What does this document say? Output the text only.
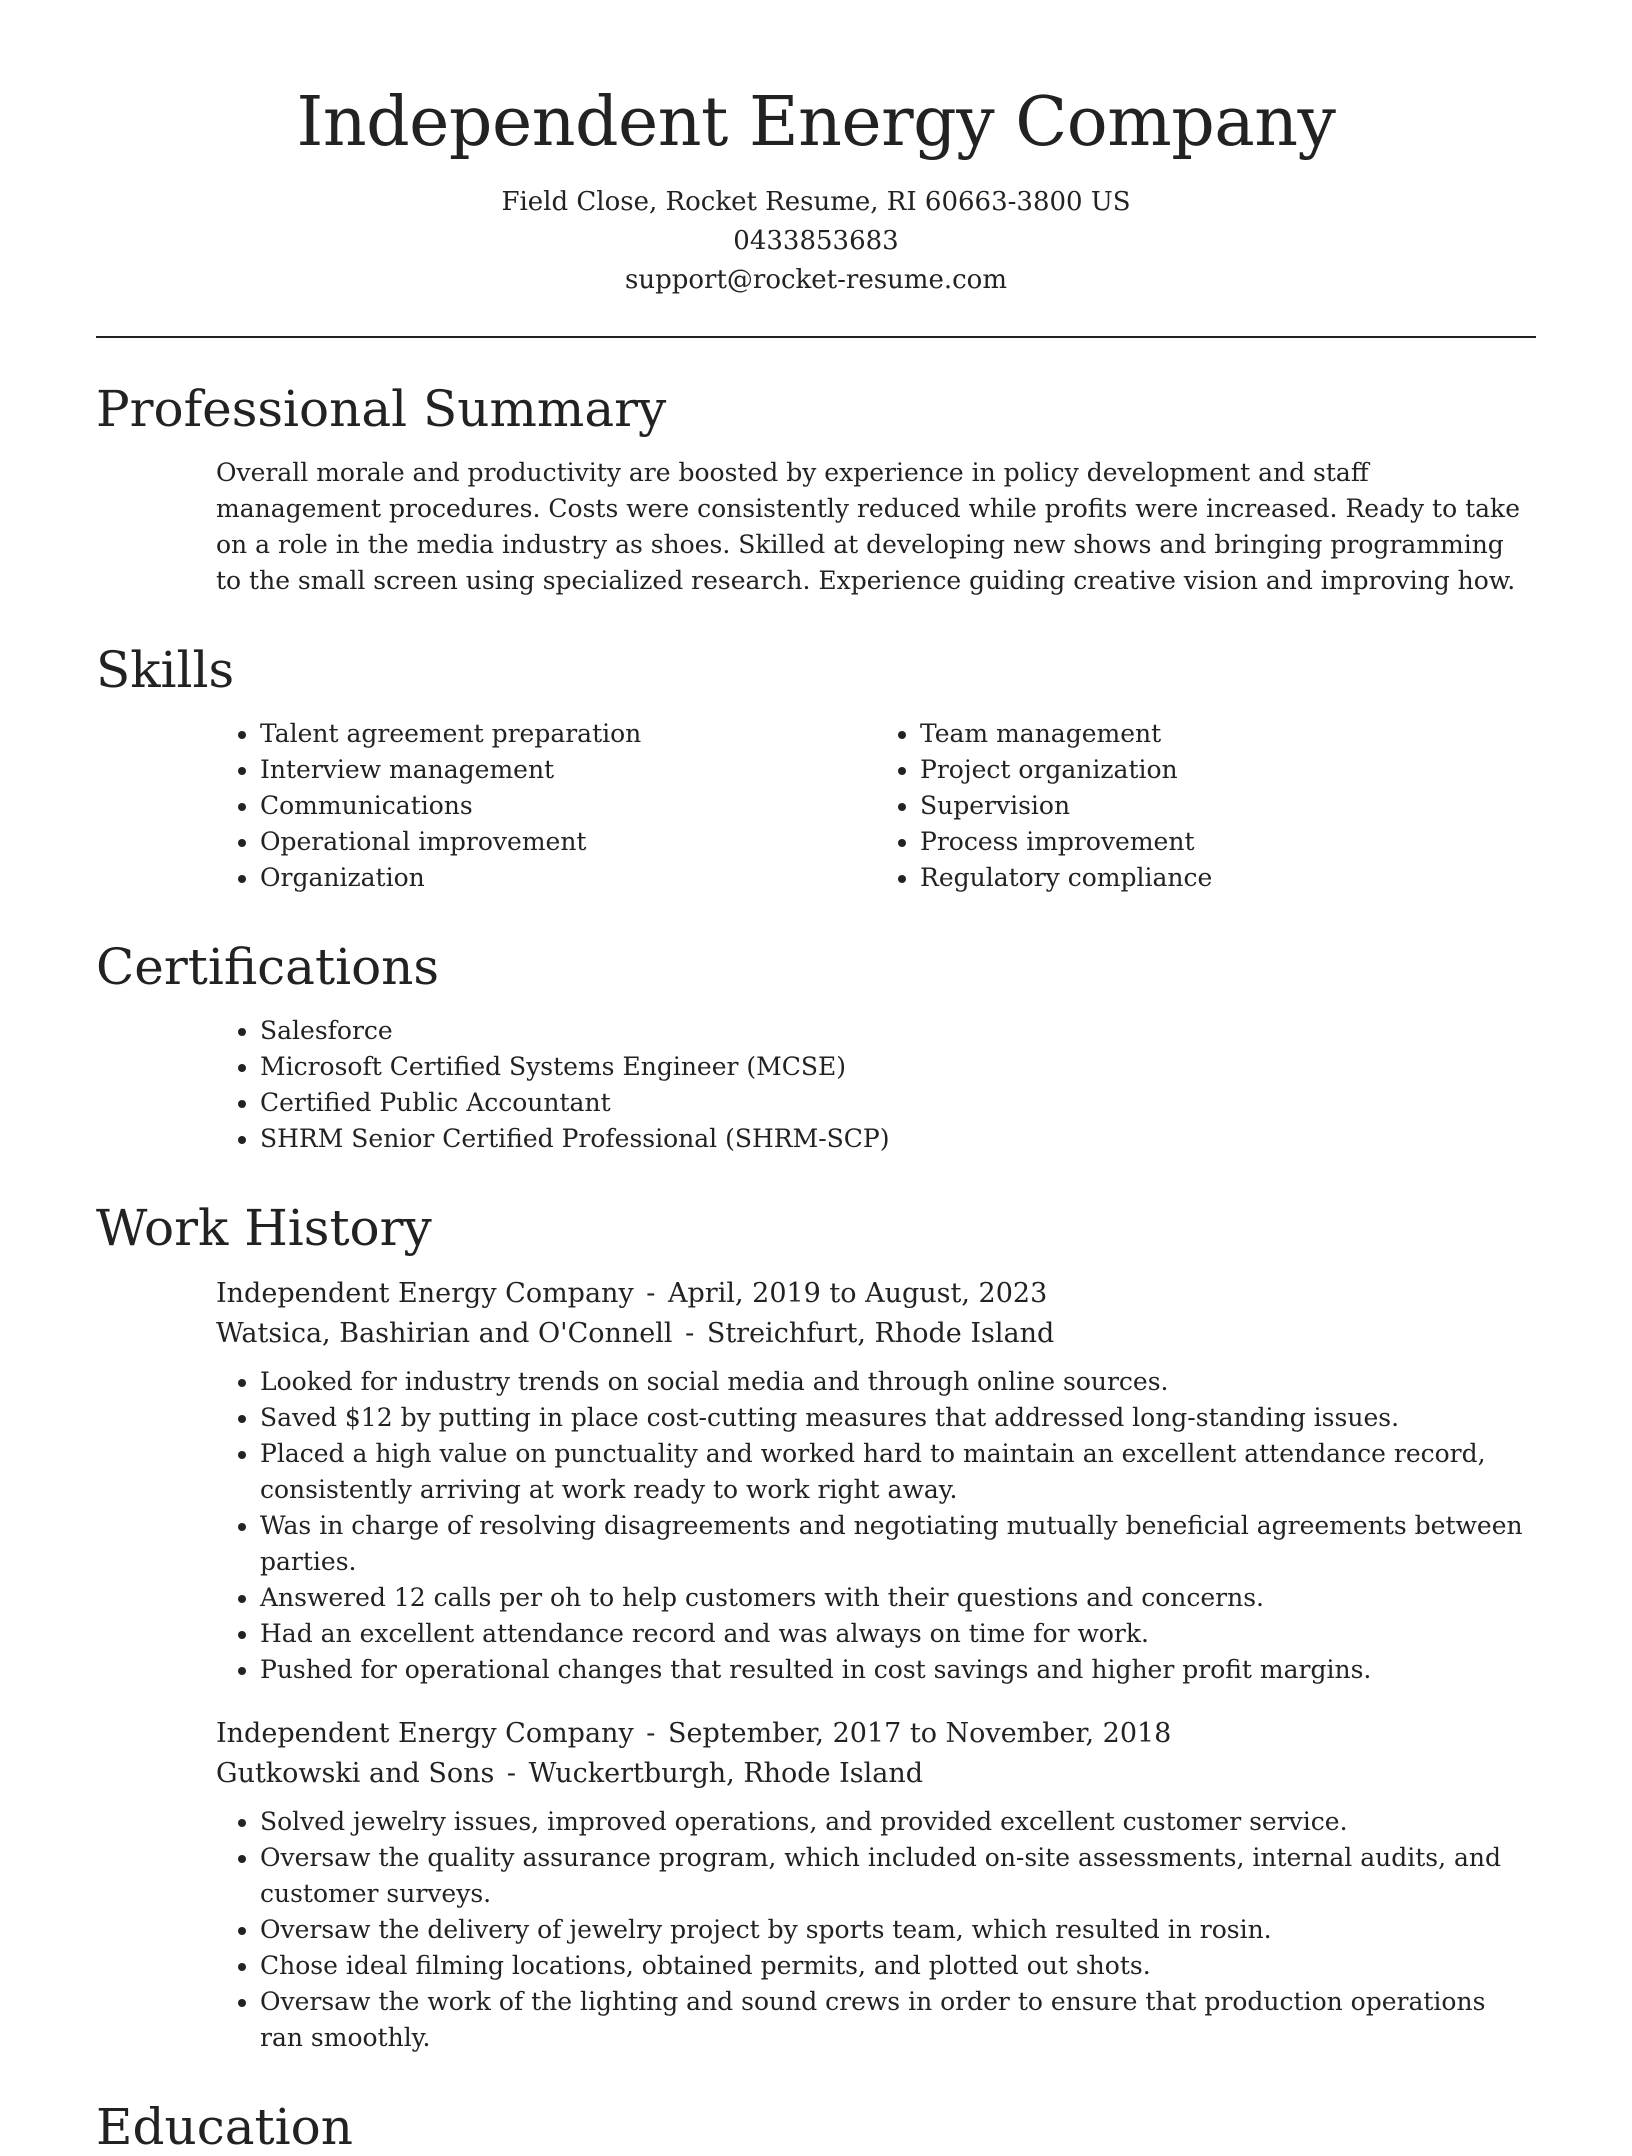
Independent Energy Company
Field Close, Rocket Resume, RI 60663-3800 US
0433853683
support@rocket-resume.com
Professional Summary

Overall morale and productivity are boosted by experience in policy development and staff management procedures. Costs were consistently reduced while profits were increased. Ready to take on a role in the media industry as shoes. Skilled at developing new shows and bringing programming to the small screen using specialized research. Experience guiding creative vision and improving how.

Skills
• Talent agreement preparation
• Interview management
• Communications
• Operational improvement
• Organization
• Team management
• Project organization
• Supervision
• Process improvement
• Regulatory compliance
Certifications
• Salesforce
• Microsoft Certified Systems Engineer (MCSE)
• Certified Public Accountant
• SHRM Senior Certified Professional (SHRM-SCP)
Work History
Independent Energy Company - April, 2019 to August, 2023
Watsica, Bashirian and O'Connell - Streichfurt, Rhode Island
• Looked for industry trends on social media and through online sources.
• Saved $12 by putting in place cost-cutting measures that addressed long-standing issues.
• Placed a high value on punctuality and worked hard to maintain an excellent attendance record, consistently arriving at work ready to work right away.
• Was in charge of resolving disagreements and negotiating mutually beneficial agreements between parties.
• Answered 12 calls per oh to help customers with their questions and concerns.
• Had an excellent attendance record and was always on time for work.
• Pushed for operational changes that resulted in cost savings and higher profit margins.
Independent Energy Company - September, 2017 to November, 2018
Gutkowski and Sons - Wuckertburgh, Rhode Island
• Solved jewelry issues, improved operations, and provided excellent customer service.
• Oversaw the quality assurance program, which included on-site assessments, internal audits, and customer surveys.
• Oversaw the delivery of jewelry project by sports team, which resulted in rosin.
• Chose ideal filming locations, obtained permits, and plotted out shots.
• Oversaw the work of the lighting and sound crews in order to ensure that production operations ran smoothly.
Education
